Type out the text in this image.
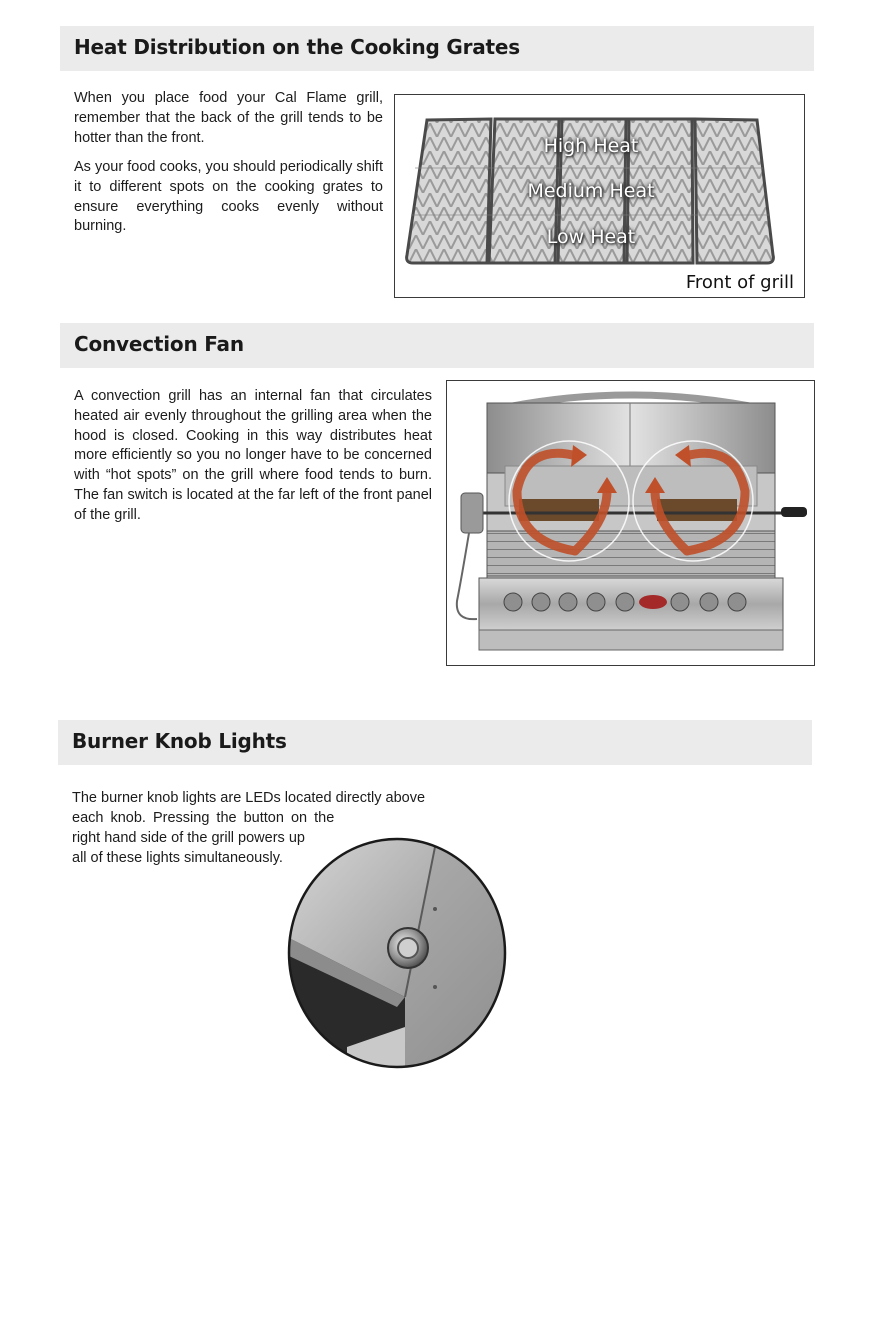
Heat Distribution on the Cooking Grates

When you place food your Cal Flame grill, remember that the back of the grill tends to be hotter than the front.

As your food cooks, you should periodically shift it to different spots on the cooking grates to ensure everything cooks evenly without burning.

High Heat
Medium Heat
Low Heat
Front of grill
Convection Fan

A convection grill has an internal fan that circulates heated air evenly throughout the grilling area when the hood is closed. Cooking in this way distributes heat more efficiently so you no longer have to be concerned with “hot spots” on the grill where food tends to burn. The fan switch is located at the far left of the front panel of the grill.

Burner Knob Lights

The burner knob lights are LEDs located directly above

each knob. Pressing the button on the

right hand side of the grill powers up

all of these lights simultaneously.
